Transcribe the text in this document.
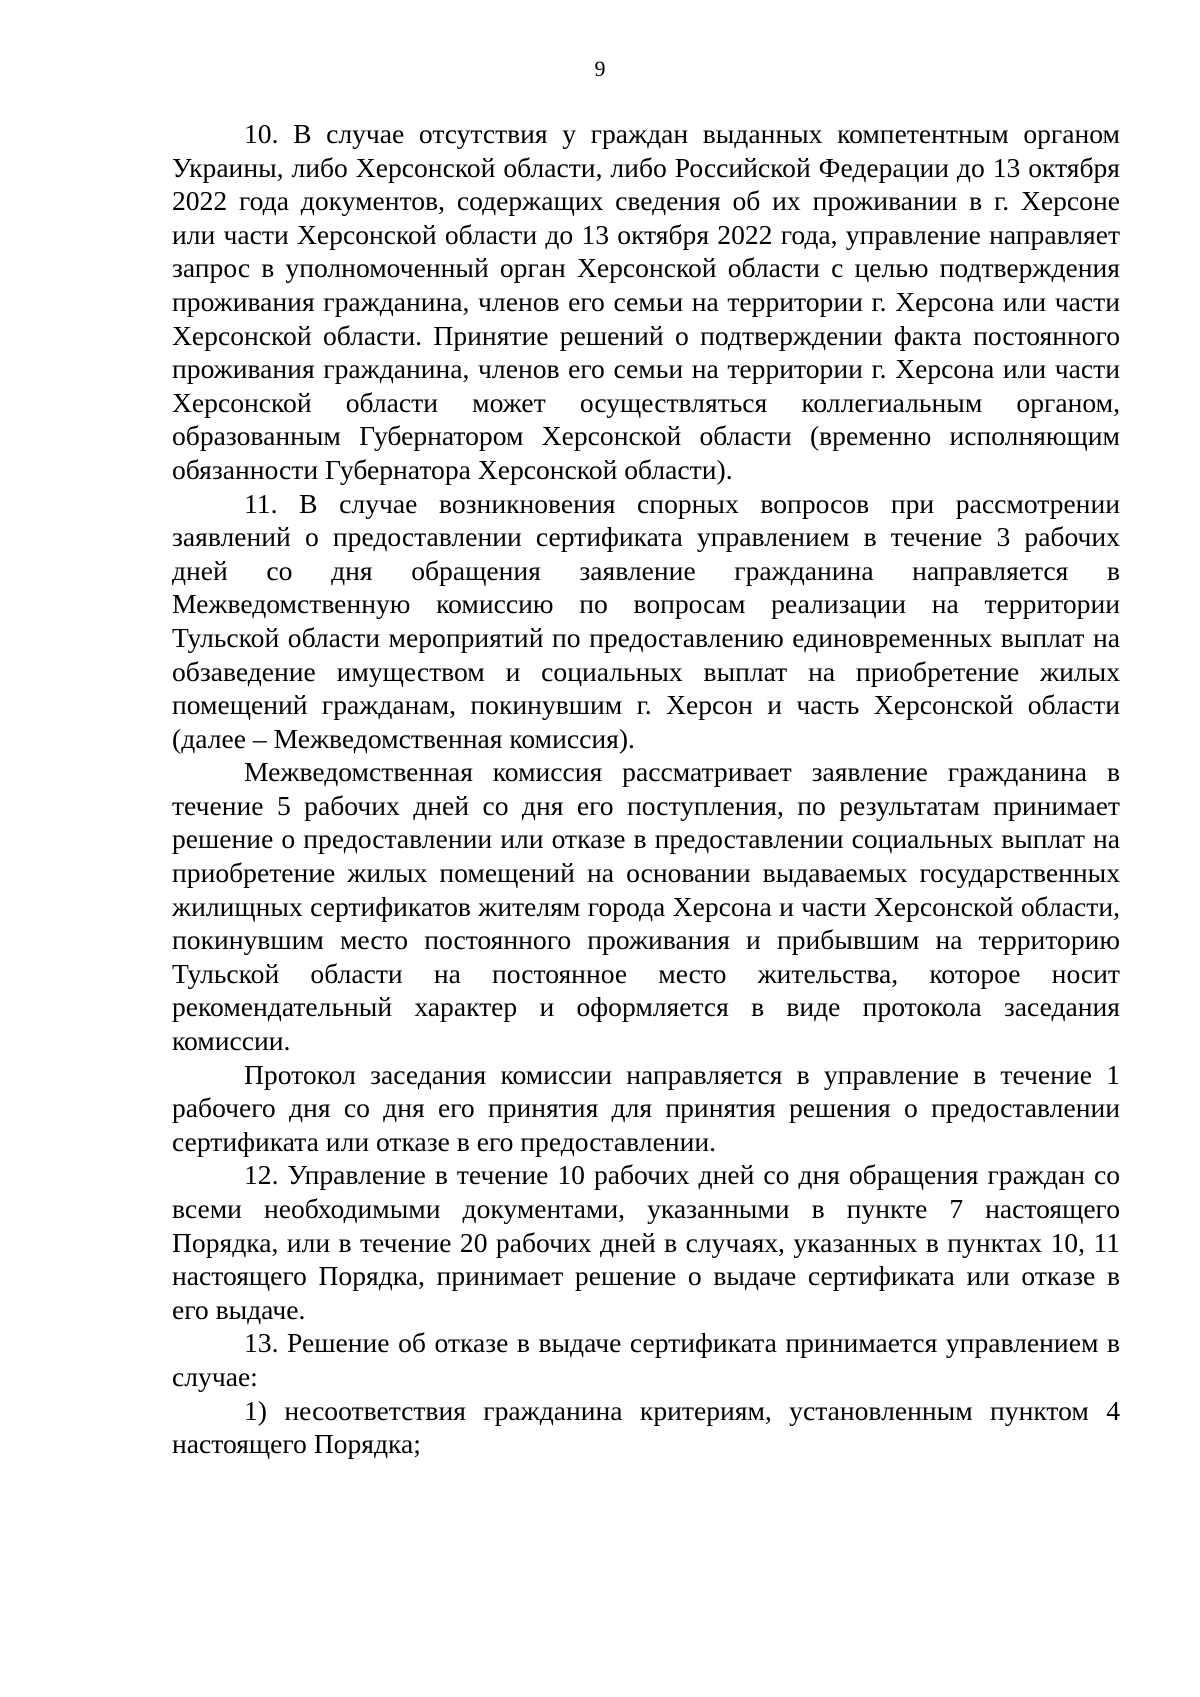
9

10. В случае отсутствия у граждан выданных компетентным органом Украины, либо Херсонской области, либо Российской Федерации до 13 октября 2022 года документов, содержащих сведения об их проживании в г. Херсоне или части Херсонской области до 13 октября 2022 года, управление направляет запрос в уполномоченный орган Херсонской области с целью подтверждения проживания гражданина, членов его семьи на территории г. Херсона или части Херсонской области. Принятие решений о подтверждении факта постоянного проживания гражданина, членов его семьи на территории г. Херсона или части Херсонской области может осуществляться коллегиальным органом, образованным Губернатором Херсонской области (временно исполняющим обязанности Губернатора Херсонской области).

11. В случае возникновения спорных вопросов при рассмотрении заявлений о предоставлении сертификата управлением в течение 3 рабочих дней со дня обращения заявление гражданина направляется в Межведомственную комиссию по вопросам реализации на территории Тульской области мероприятий по предоставлению единовременных выплат на обзаведение имуществом и социальных выплат на приобретение жилых помещений гражданам, покинувшим г. Херсон и часть Херсонской области (далее – Межведомственная комиссия).

Межведомственная комиссия рассматривает заявление гражданина в течение 5 рабочих дней со дня его поступления, по результатам принимает решение о предоставлении или отказе в предоставлении социальных выплат на приобретение жилых помещений на основании выдаваемых государственных жилищных сертификатов жителям города Херсона и части Херсонской области, покинувшим место постоянного проживания и прибывшим на территорию Тульской области на постоянное место жительства, которое носит рекомендательный характер и оформляется в виде протокола заседания комиссии.

Протокол заседания комиссии направляется в управление в течение 1 рабочего дня со дня его принятия для принятия решения о предоставлении сертификата или отказе в его предоставлении.

12. Управление в течение 10 рабочих дней со дня обращения граждан со всеми необходимыми документами, указанными в пункте 7 настоящего Порядка, или в течение 20 рабочих дней в случаях, указанных в пунктах 10, 11 настоящего Порядка, принимает решение о выдаче сертификата или отказе в его выдаче.

13. Решение об отказе в выдаче сертификата принимается управлением в случае:

1) несоответствия гражданина критериям, установленным пунктом 4 настоящего Порядка;
